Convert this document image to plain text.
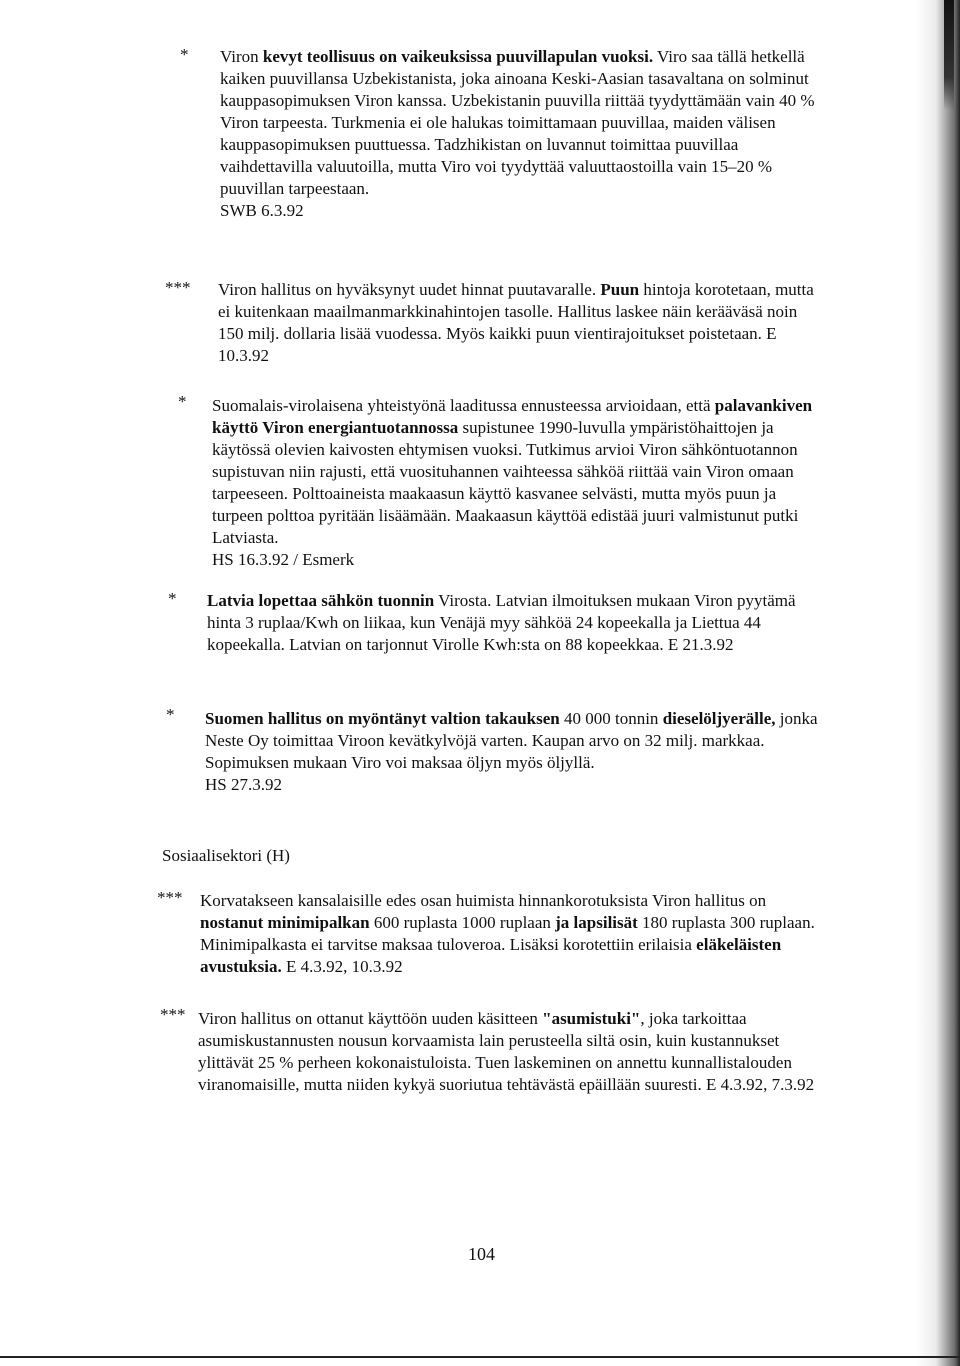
* Viron kevyt teollisuus on vaikeuksissa puuvillapulan vuoksi. Viro saa tällä hetkellä kaiken puuvillansa Uzbekistanista, joka ainoana Keski-Aasian tasavaltana on solminut kauppasopimuksen Viron kanssa. Uzbekistanin puuvilla riittää tyydyttämään vain 40 % Viron tarpeesta. Turkmenia ei ole halukas toimittamaan puuvillaa, maiden välisen kauppasopimuksen puuttuessa. Tadzhikistan on luvannut toimittaa puuvillaa vaihdettavilla valuutoilla, mutta Viro voi tyydyttää valuuttaostoilla vain 15–20 % puuvillan tarpeestaan.

SWB 6.3.92

*** Viron hallitus on hyväksynyt uudet hinnat puutavaralle. Puun hintoja korotetaan, mutta ei kuitenkaan maailmanmarkkinahintojen tasolle. Hallitus laskee näin kerääväsä noin 150 milj. dollaria lisää vuodessa. Myös kaikki puun vientirajoitukset poistetaan. E 10.3.92

* Suomalais-virolaisena yhteistyönä laaditussa ennusteessa arvioidaan, että palavankiven käyttö Viron energiantuotannossa supistunee 1990-luvulla ympäristöhaittojen ja käytössä olevien kaivosten ehtymisen vuoksi. Tutkimus arvioi Viron sähköntuotannon supistuvan niin rajusti, että vuosituhannen vaihteessa sähköä riittää vain Viron omaan tarpeeseen. Polttoaineista maakaasun käyttö kasvanee selvästi, mutta myös puun ja turpeen polttoa pyritään lisäämään. Maakaasun käyttöä edistää juuri valmistunut putki Latviasta.

HS 16.3.92 / Esmerk

* Latvia lopettaa sähkön tuonnin Virosta. Latvian ilmoituksen mukaan Viron pyytämä hinta 3 ruplaa/Kwh on liikaa, kun Venäjä myy sähköä 24 kopeekalla ja Liettua 44 kopeekalla. Latvian on tarjonnut Virolle Kwh:sta on 88 kopeekkaa. E 21.3.92

* Suomen hallitus on myöntänyt valtion takauksen 40 000 tonnin dieselöljyerälle, jonka Neste Oy toimittaa Viroon kevätkylvöjä varten. Kaupan arvo on 32 milj. markkaa. Sopimuksen mukaan Viro voi maksaa öljyn myös öljyllä.

HS 27.3.92

Sosiaalisektori (H)
*** Korvatakseen kansalaisille edes osan huimista hinnankorotuksista Viron hallitus on nostanut minimipalkan 600 ruplasta 1000 ruplaan ja lapsilisät 180 ruplasta 300 ruplaan. Minimipalkasta ei tarvitse maksaa tuloveroa. Lisäksi korotettiin erilaisia eläkeläisten avustuksia. E 4.3.92, 10.3.92

*** Viron hallitus on ottanut käyttöön uuden käsitteen "asumistuki", joka tarkoittaa asumiskustannusten nousun korvaamista lain perusteella siltä osin, kuin kustannukset ylittävät 25 % perheen kokonaistuloista. Tuen laskeminen on annettu kunnallistalouden viranomaisille, mutta niiden kykyä suoriutua tehtävästä epäillään suuresti. E 4.3.92, 7.3.92

104
